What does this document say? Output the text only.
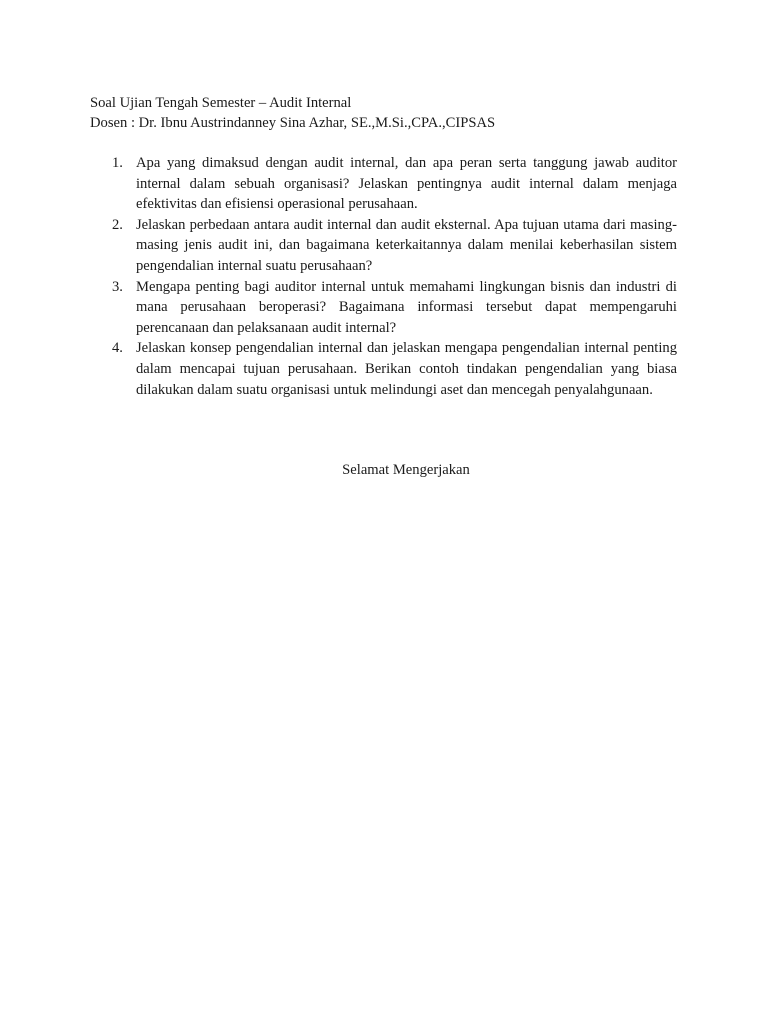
Soal Ujian Tengah Semester – Audit Internal
Dosen : Dr. Ibnu Austrindanney Sina Azhar, SE.,M.Si.,CPA.,CIPSAS
1. Apa yang dimaksud dengan audit internal, dan apa peran serta tanggung jawab auditor internal dalam sebuah organisasi? Jelaskan pentingnya audit internal dalam menjaga efektivitas dan efisiensi operasional perusahaan.
2. Jelaskan perbedaan antara audit internal dan audit eksternal. Apa tujuan utama dari masing-masing jenis audit ini, dan bagaimana keterkaitannya dalam menilai keberhasilan sistem pengendalian internal suatu perusahaan?
3. Mengapa penting bagi auditor internal untuk memahami lingkungan bisnis dan industri di mana perusahaan beroperasi? Bagaimana informasi tersebut dapat mempengaruhi perencanaan dan pelaksanaan audit internal?
4. Jelaskan konsep pengendalian internal dan jelaskan mengapa pengendalian internal penting dalam mencapai tujuan perusahaan. Berikan contoh tindakan pengendalian yang biasa dilakukan dalam suatu organisasi untuk melindungi aset dan mencegah penyalahgunaan.
Selamat Mengerjakan
